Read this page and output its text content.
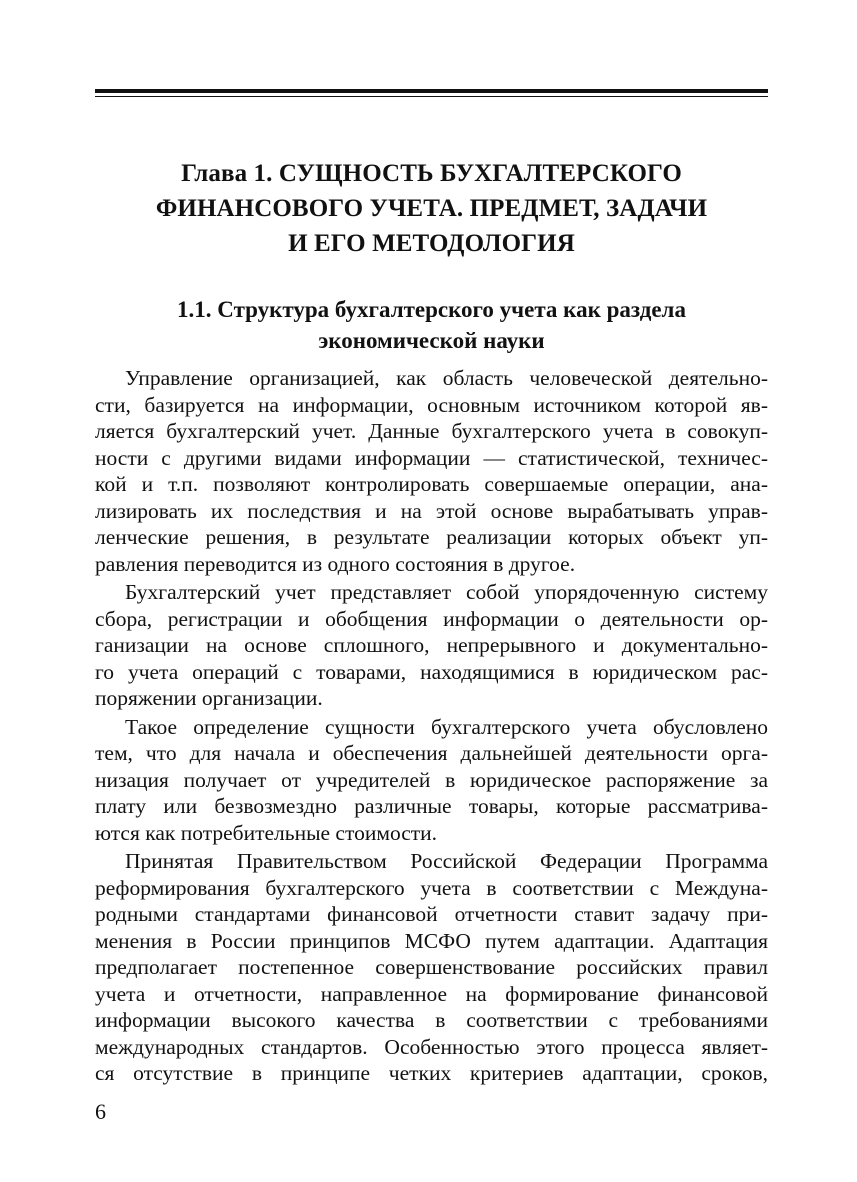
Глава 1. СУЩНОСТЬ БУХГАЛТЕРСКОГО
ФИНАНСОВОГО УЧЕТА. ПРЕДМЕТ, ЗАДАЧИ
И ЕГО МЕТОДОЛОГИЯ
1.1. Структура бухгалтерского учета как раздела
экономической науки

Управление организацией, как область человеческой деятельно-
сти, базируется на информации, основным источником которой яв-
ляется бухгалтерский учет. Данные бухгалтерского учета в совокуп-
ности с другими видами информации — статистической, техничес-
кой и т.п. позволяют контролировать совершаемые операции, ана-
лизировать их последствия и на этой основе вырабатывать управ-
ленческие решения, в результате реализации которых объект уп-
равления переводится из одного состояния в другое.

Бухгалтерский учет представляет собой упорядоченную систему
сбора, регистрации и обобщения информации о деятельности ор-
ганизации на основе сплошного, непрерывного и документально-
го учета операций с товарами, находящимися в юридическом рас-
поряжении организации.

Такое определение сущности бухгалтерского учета обусловлено
тем, что для начала и обеспечения дальнейшей деятельности орга-
низация получает от учредителей в юридическое распоряжение за
плату или безвозмездно различные товары, которые рассматрива-
ются как потребительные стоимости.

Принятая Правительством Российской Федерации Программа
реформирования бухгалтерского учета в соответствии с Междуна-
родными стандартами финансовой отчетности ставит задачу при-
менения в России принципов МСФО путем адаптации. Адаптация
предполагает постепенное совершенствование российских правил
учета и отчетности, направленное на формирование финансовой
информации высокого качества в соответствии с требованиями
международных стандартов. Особенностью этого процесса являет-
ся отсутствие в принципе четких критериев адаптации, сроков,

6
